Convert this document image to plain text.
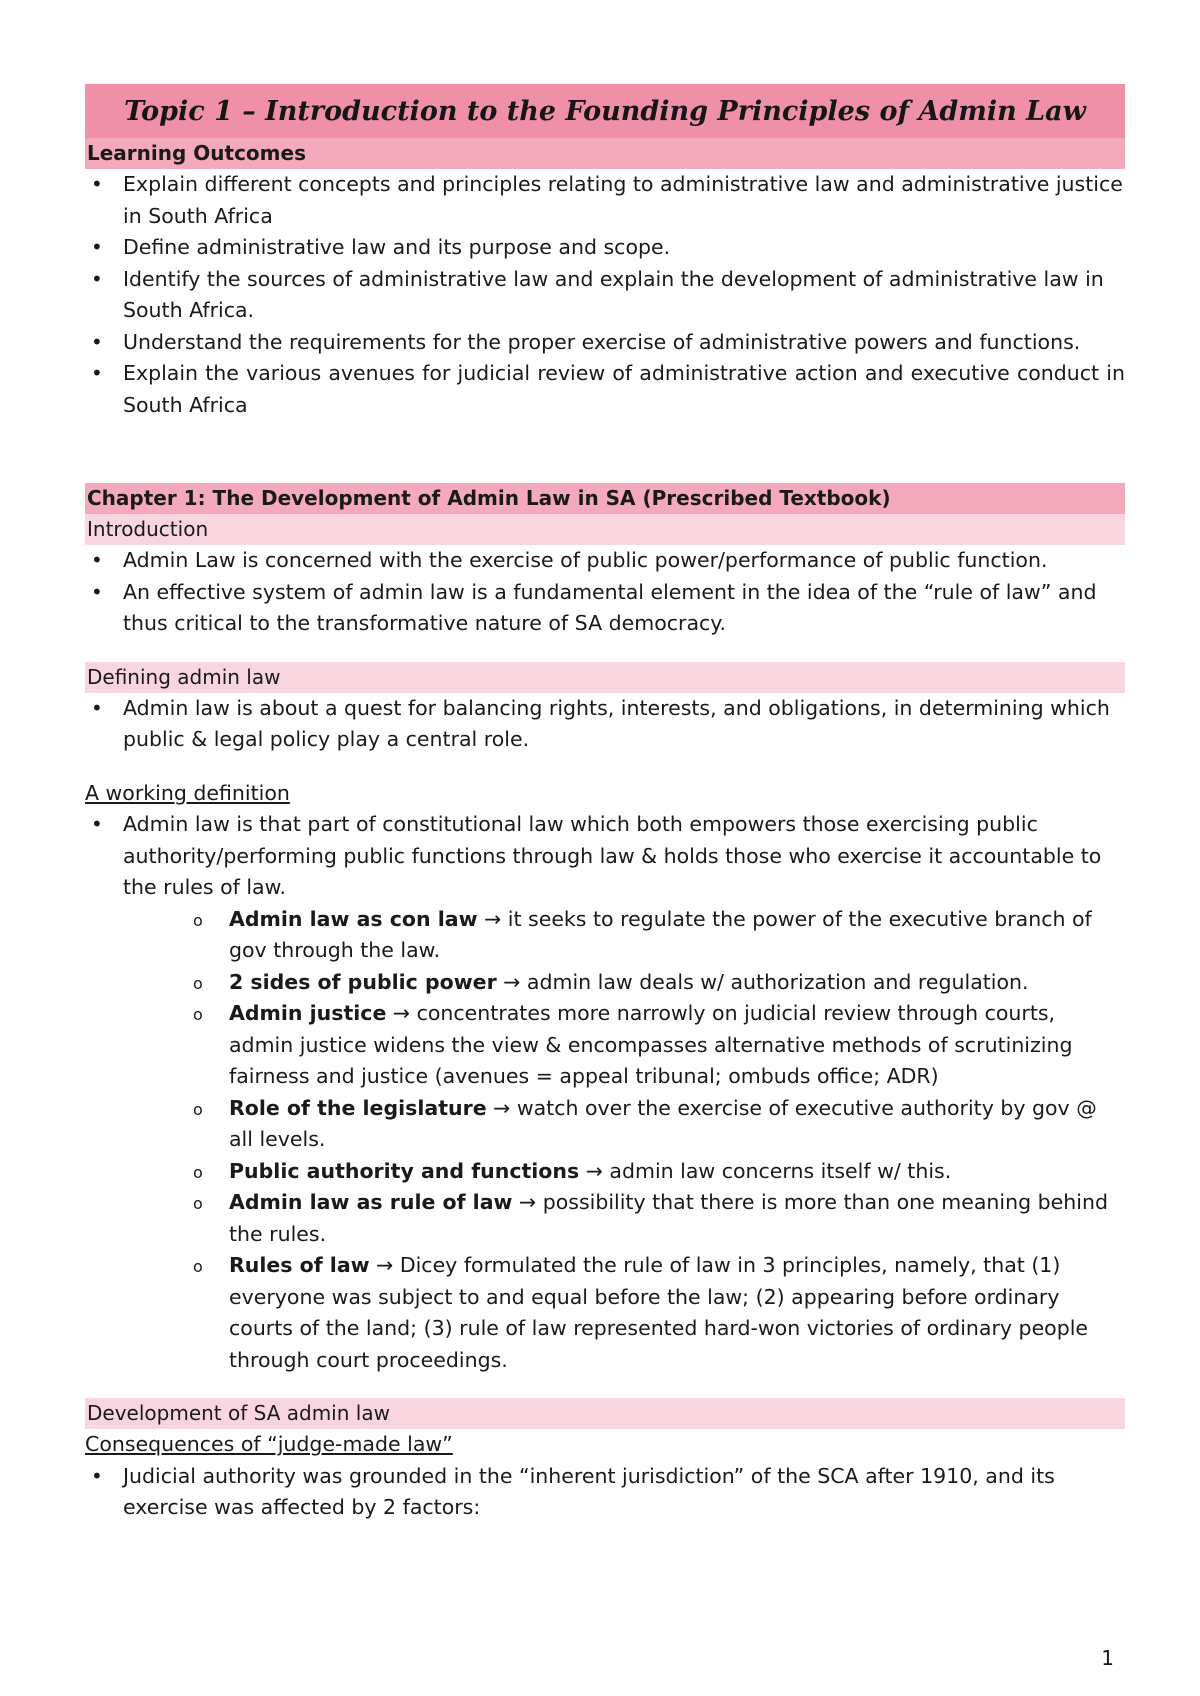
Topic 1 – Introduction to the Founding Principles of Admin Law
Learning Outcomes
• Explain different concepts and principles relating to administrative law and administrative justice in South Africa
• Define administrative law and its purpose and scope.
• Identify the sources of administrative law and explain the development of administrative law in South Africa.
• Understand the requirements for the proper exercise of administrative powers and functions.
• Explain the various avenues for judicial review of administrative action and executive conduct in South Africa
Chapter 1: The Development of Admin Law in SA (Prescribed Textbook)
Introduction
• Admin Law is concerned with the exercise of public power/performance of public function.
• An effective system of admin law is a fundamental element in the idea of the “rule of law” and thus critical to the transformative nature of SA democracy.
Defining admin law
• Admin law is about a quest for balancing rights, interests, and obligations, in determining which public & legal policy play a central role.
A working definition
• Admin law is that part of constitutional law which both empowers those exercising public authority/performing public functions through law & holds those who exercise it accountable to the rules of law.
o Admin law as con law → it seeks to regulate the power of the executive branch of gov through the law.
o 2 sides of public power → admin law deals w/ authorization and regulation.
o Admin justice → concentrates more narrowly on judicial review through courts, admin justice widens the view & encompasses alternative methods of scrutinizing fairness and justice (avenues = appeal tribunal; ombuds office; ADR)
o Role of the legislature → watch over the exercise of executive authority by gov @ all levels.
o Public authority and functions → admin law concerns itself w/ this.
o Admin law as rule of law → possibility that there is more than one meaning behind the rules.
o Rules of law → Dicey formulated the rule of law in 3 principles, namely, that (1) everyone was subject to and equal before the law; (2) appearing before ordinary courts of the land; (3) rule of law represented hard-won victories of ordinary people through court proceedings.
Development of SA admin law
Consequences of “judge-made law”
• Judicial authority was grounded in the “inherent jurisdiction” of the SCA after 1910, and its exercise was affected by 2 factors:
1
